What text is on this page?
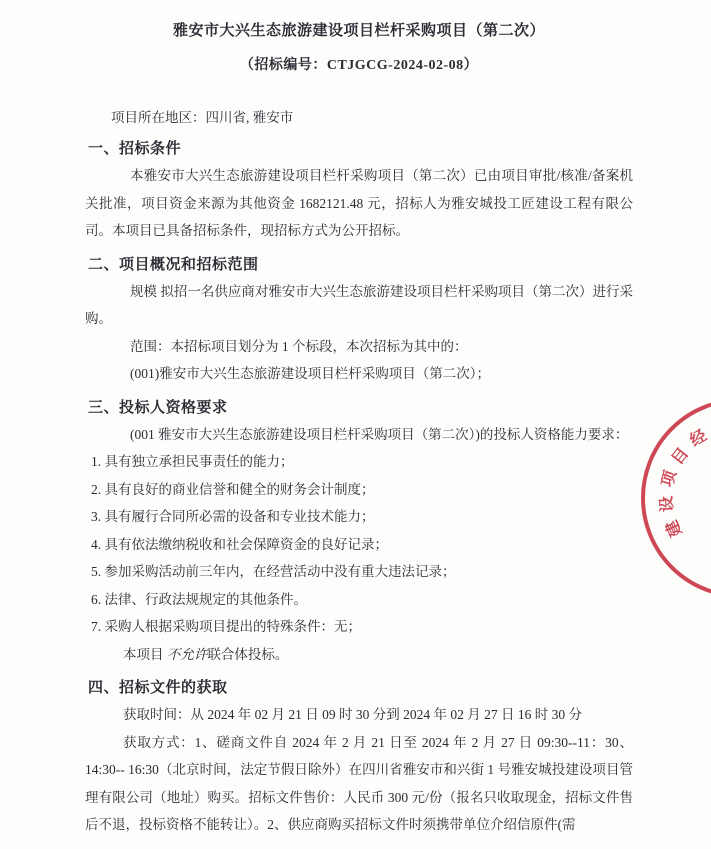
雅安市大兴生态旅游建设项目栏杆采购项目（第二次）
（招标编号：CTJGCG-2024-02-08）
项目所在地区：四川省, 雅安市
一、招标条件

本雅安市大兴生态旅游建设项目栏杆采购项目（第二次）已由项目审批/核准/备案机关批准，项目资金来源为其他资金 1682121.48 元，招标人为雅安城投工匠建设工程有限公司。本项目已具备招标条件，现招标方式为公开招标。

二、项目概况和招标范围

规模 拟招一名供应商对雅安市大兴生态旅游建设项目栏杆采购项目（第二次）进行采购。

范围：本招标项目划分为 1 个标段，本次招标为其中的：

(001)雅安市大兴生态旅游建设项目栏杆采购项目（第二次）；

三、投标人资格要求

(001 雅安市大兴生态旅游建设项目栏杆采购项目（第二次）)的投标人资格能力要求：

1. 具有独立承担民事责任的能力；

2. 具有良好的商业信誉和健全的财务会计制度；

3. 具有履行合同所必需的设备和专业技术能力；

4. 具有依法缴纳税收和社会保障资金的良好记录；

5. 参加采购活动前三年内，在经营活动中没有重大违法记录；

6. 法律、行政法规规定的其他条件。

7. 采购人根据采购项目提出的特殊条件：无；

本项目 不允许联合体投标。

四、招标文件的获取

获取时间：从 2024 年 02 月 21 日 09 时 30 分到 2024 年 02 月 27 日 16 时 30 分

获取方式：1、磋商文件自 2024 年 2 月 21 日至 2024 年 2 月 27 日 09:30--11：30、14:30-- 16:30（北京时间，法定节假日除外）在四川省雅安市和兴街 1 号雅安城投建设项目管理有限公司（地址）购买。招标文件售价：人民币 300 元/份（报名只收取现金，招标文件售后不退，投标资格不能转让）。2、供应商购买招标文件时须携带单位介绍信原件(需

建
设
项
目
经
